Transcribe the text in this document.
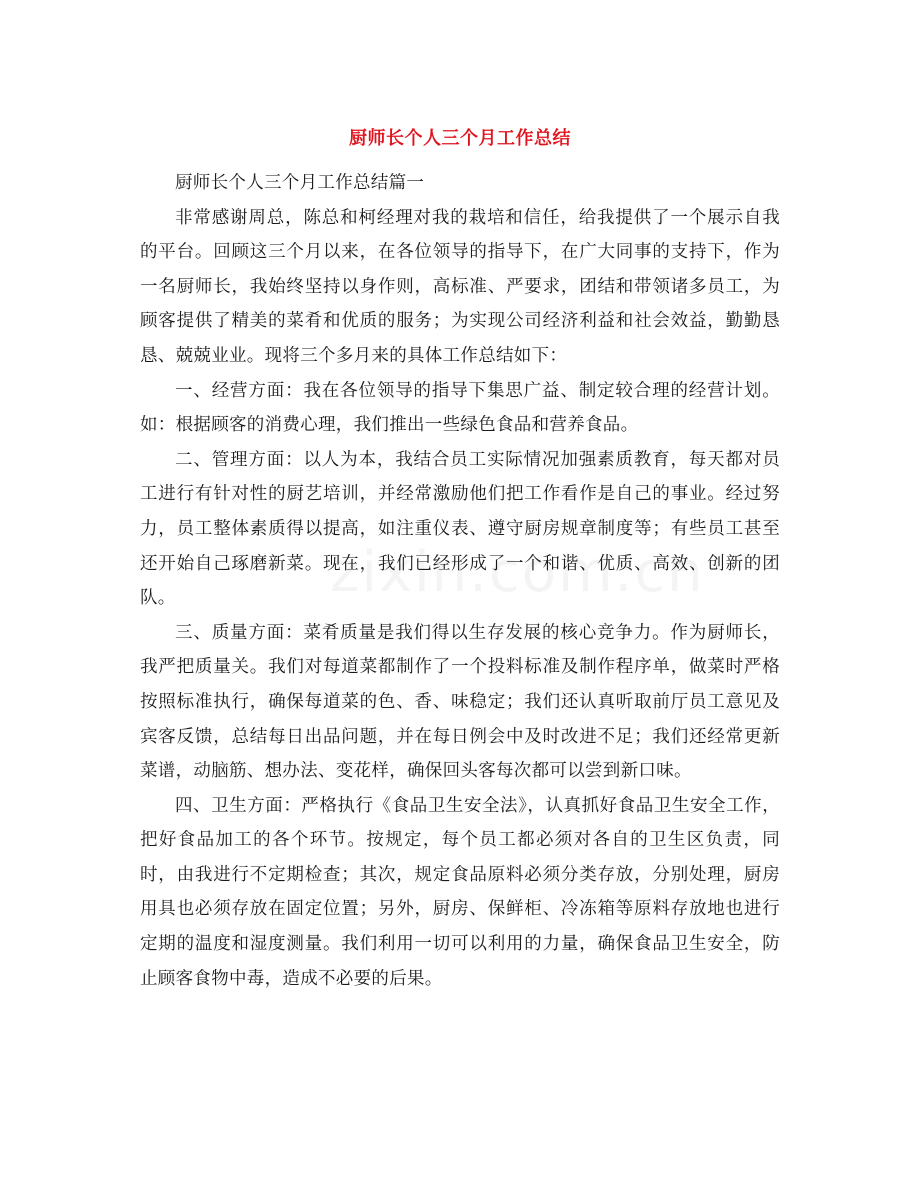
厨师长个人三个月工作总结

厨师长个人三个月工作总结篇一

非常感谢周总，陈总和柯经理对我的栽培和信任，给我提供了一个展示自我的平台。回顾这三个月以来，在各位领导的指导下，在广大同事的支持下，作为一名厨师长，我始终坚持以身作则，高标准、严要求，团结和带领诸多员工，为顾客提供了精美的菜肴和优质的服务；为实现公司经济利益和社会效益，勤勤恳恳、兢兢业业。现将三个多月来的具体工作总结如下：

一、经营方面：我在各位领导的指导下集思广益、制定较合理的经营计划。如：根据顾客的消费心理，我们推出一些绿色食品和营养食品。

二、管理方面：以人为本，我结合员工实际情况加强素质教育，每天都对员工进行有针对性的厨艺培训，并经常激励他们把工作看作是自己的事业。经过努力，员工整体素质得以提高，如注重仪表、遵守厨房规章制度等；有些员工甚至还开始自己琢磨新菜。现在，我们已经形成了一个和谐、优质、高效、创新的团队。

三、质量方面：菜肴质量是我们得以生存发展的核心竞争力。作为厨师长，我严把质量关。我们对每道菜都制作了一个投料标准及制作程序单，做菜时严格按照标准执行，确保每道菜的色、香、味稳定；我们还认真听取前厅员工意见及宾客反馈，总结每日出品问题，并在每日例会中及时改进不足；我们还经常更新菜谱，动脑筋、想办法、变花样，确保回头客每次都可以尝到新口味。

四、卫生方面：严格执行《食品卫生安全法》，认真抓好食品卫生安全工作，把好食品加工的各个环节。按规定，每个员工都必须对各自的卫生区负责，同时，由我进行不定期检查；其次，规定食品原料必须分类存放，分别处理，厨房用具也必须存放在固定位置；另外，厨房、保鲜柜、冷冻箱等原料存放地也进行定期的温度和湿度测量。我们利用一切可以利用的力量，确保食品卫生安全，防止顾客食物中毒，造成不必要的后果。
